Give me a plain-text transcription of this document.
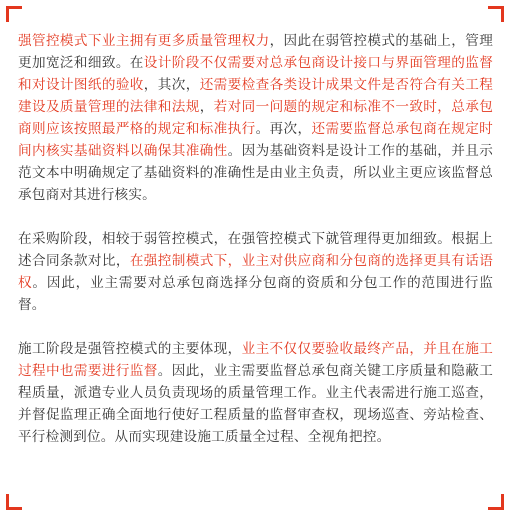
强管控模式下业主拥有更多质量管理权力，因此在弱管控模式的基础上，管理更加宽泛和细致。在设计阶段不仅需要对总承包商设计接口与界面管理的监督和对设计图纸的验收，其次，还需要检查各类设计成果文件是否符合有关工程建设及质量管理的法律和法规，若对同一问题的规定和标准不一致时，总承包商则应该按照最严格的规定和标准执行。再次，还需要监督总承包商在规定时间内核实基础资料以确保其准确性。因为基础资料是设计工作的基础，并且示范文本中明确规定了基础资料的准确性是由业主负责，所以业主更应该监督总承包商对其进行核实。

在采购阶段，相较于弱管控模式，在强管控模式下就管理得更加细致。根据上述合同条款对比，在强控制模式下，业主对供应商和分包商的选择更具有话语权。因此，业主需要对总承包商选择分包商的资质和分包工作的范围进行监督。

施工阶段是强管控模式的主要体现，业主不仅仅要验收最终产品，并且在施工过程中也需要进行监督。因此，业主需要监督总承包商关键工序质量和隐蔽工程质量，派遣专业人员负责现场的质量管理工作。业主代表需进行施工巡查，并督促监理正确全面地行使好工程质量的监督审查权，现场巡查、旁站检查、平行检测到位。从而实现建设施工质量全过程、全视角把控。
